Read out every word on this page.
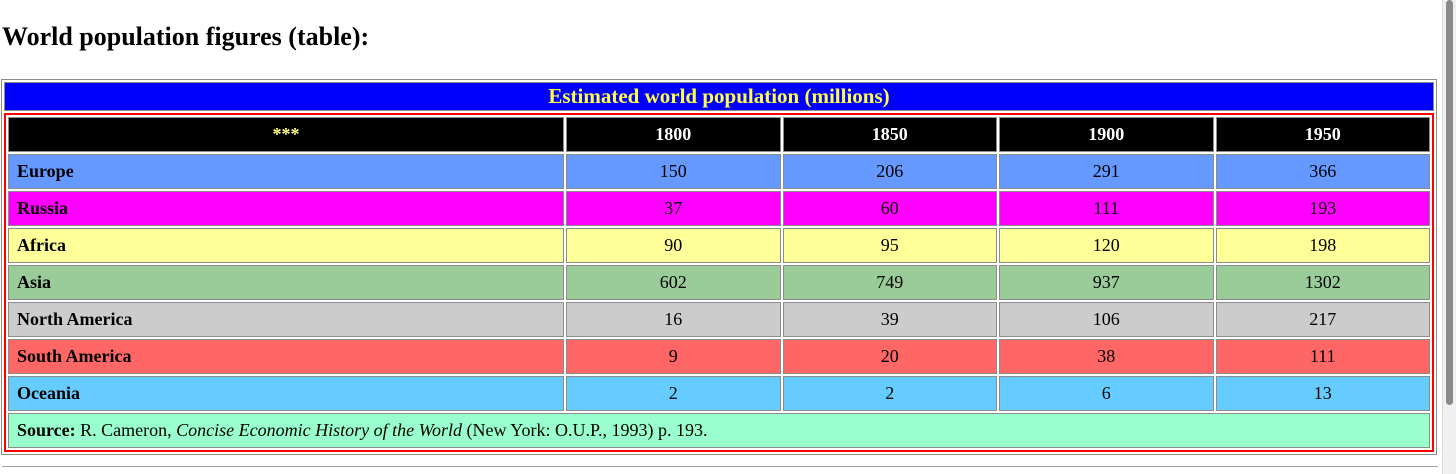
World population figures (table):
Estimated world population (millions)

***	1800	1850	1900	1950
Europe	150	206	291	366
Russia	37	60	111	193
Africa	90	95	120	198
Asia	602	749	937	1302
North America	16	39	106	217
South America	9	20	38	111
Oceania	2	2	6	13
Source: R. Cameron, Concise Economic History of the World (New York: O.U.P., 1993) p. 193.
